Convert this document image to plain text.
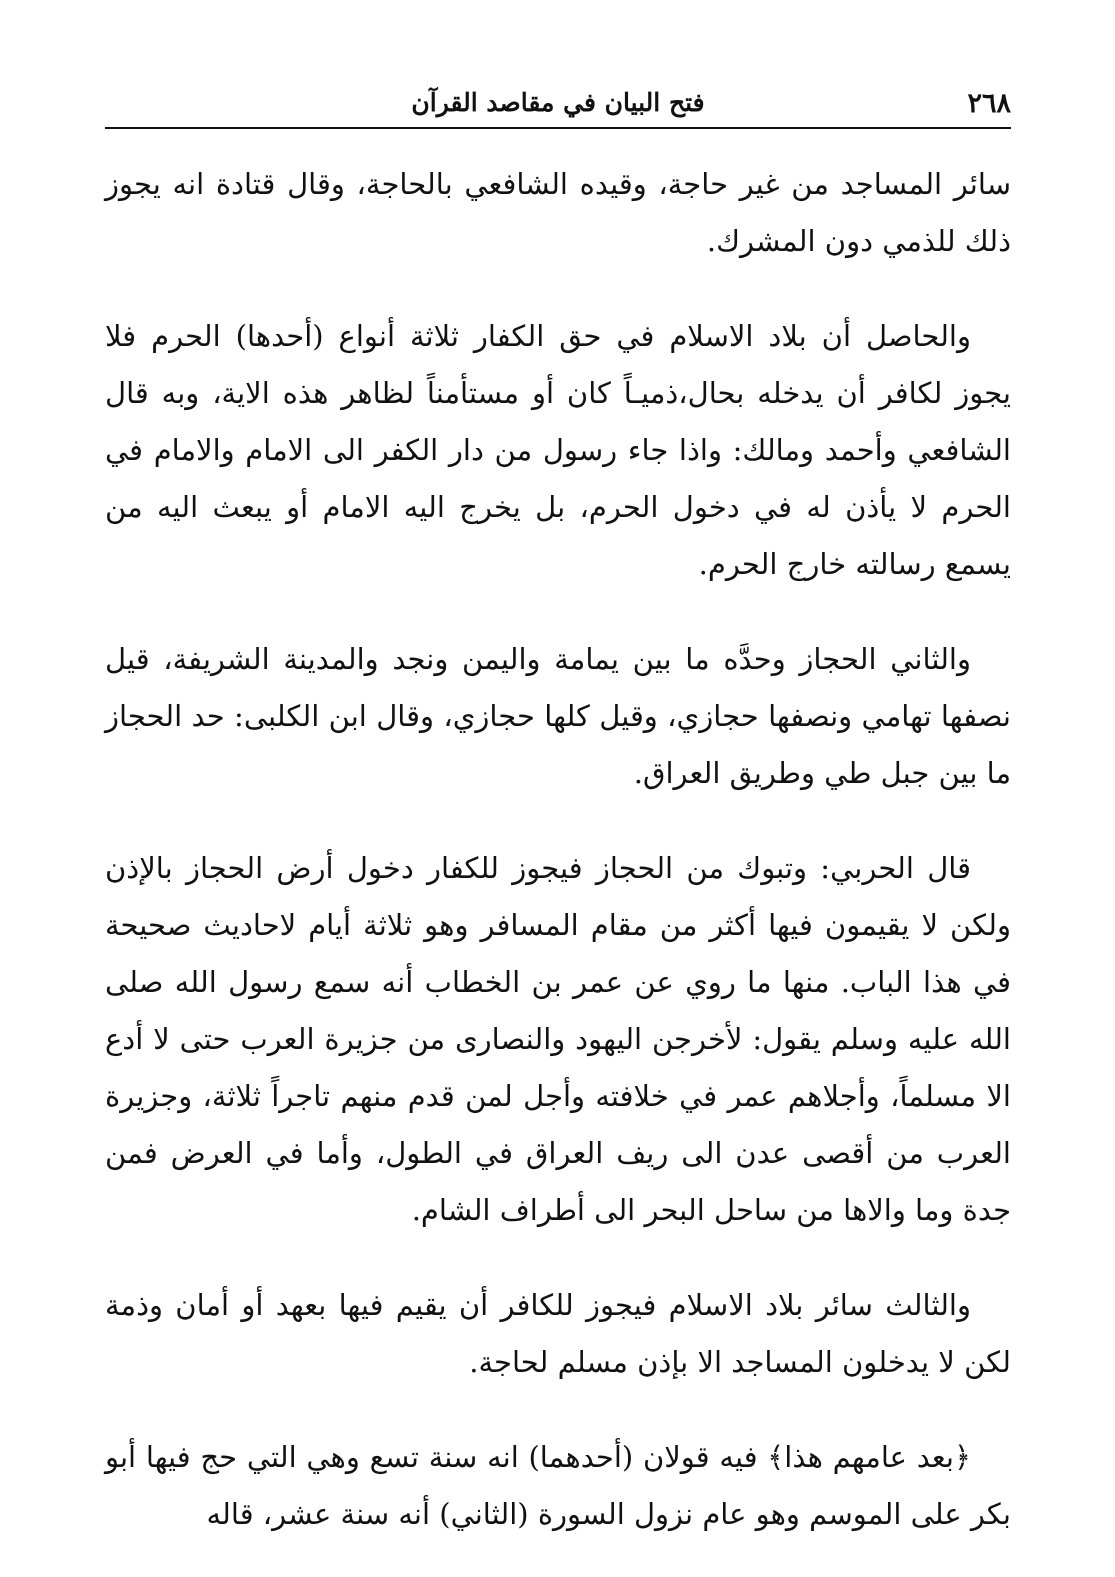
٢٦٨
فتح البيان في مقاصد القرآن

سائر المساجد من غير حاجة، وقيده الشافعي بالحاجة، وقال قتادة انه يجوز ذلك للذمي دون المشرك.

والحاصل أن بلاد الاسلام في حق الكفار ثلاثة أنواع (أحدها) الحرم فلا يجوز لكافر أن يدخله بحال،ذميـاً كان أو مستأمناً لظاهر هذه الاية، وبه قال الشافعي وأحمد ومالك: واذا جاء رسول من دار الكفر الى الامام والامام في الحرم لا يأذن له في دخول الحرم، بل يخرج اليه الامام أو يبعث اليه من يسمع رسالته خارج الحرم.

والثاني الحجاز وحدَّه ما بين يمامة واليمن ونجد والمدينة الشريفة، قيل نصفها تهامي ونصفها حجازي، وقيل كلها حجازي، وقال ابن الكلبى: حد الحجاز ما بين جبل طي وطريق العراق.

قال الحربي: وتبوك من الحجاز فيجوز للكفار دخول أرض الحجاز بالإذن ولكن لا يقيمون فيها أكثر من مقام المسافر وهو ثلاثة أيام لاحاديث صحيحة في هذا الباب. منها ما روي عن عمر بن الخطاب أنه سمع رسول الله صلى الله عليه وسلم يقول: لأخرجن اليهود والنصارى من جزيرة العرب حتى لا أدع الا مسلماً، وأجلاهم عمر في خلافته وأجل لمن قدم منهم تاجراً ثلاثة، وجزيرة العرب من أقصى عدن الى ريف العراق في الطول، وأما في العرض فمن جدة وما والاها من ساحل البحر الى أطراف الشام.

والثالث سائر بلاد الاسلام فيجوز للكافر أن يقيم فيها بعهد أو أمان وذمة لكن لا يدخلون المساجد الا بإذن مسلم لحاجة.

﴿بعد عامهم هذا﴾ فيه قولان (أحدهما) انه سنة تسع وهي التي حج فيها أبو بكر على الموسم وهو عام نزول السورة (الثاني) أنه سنة عشر، قاله
